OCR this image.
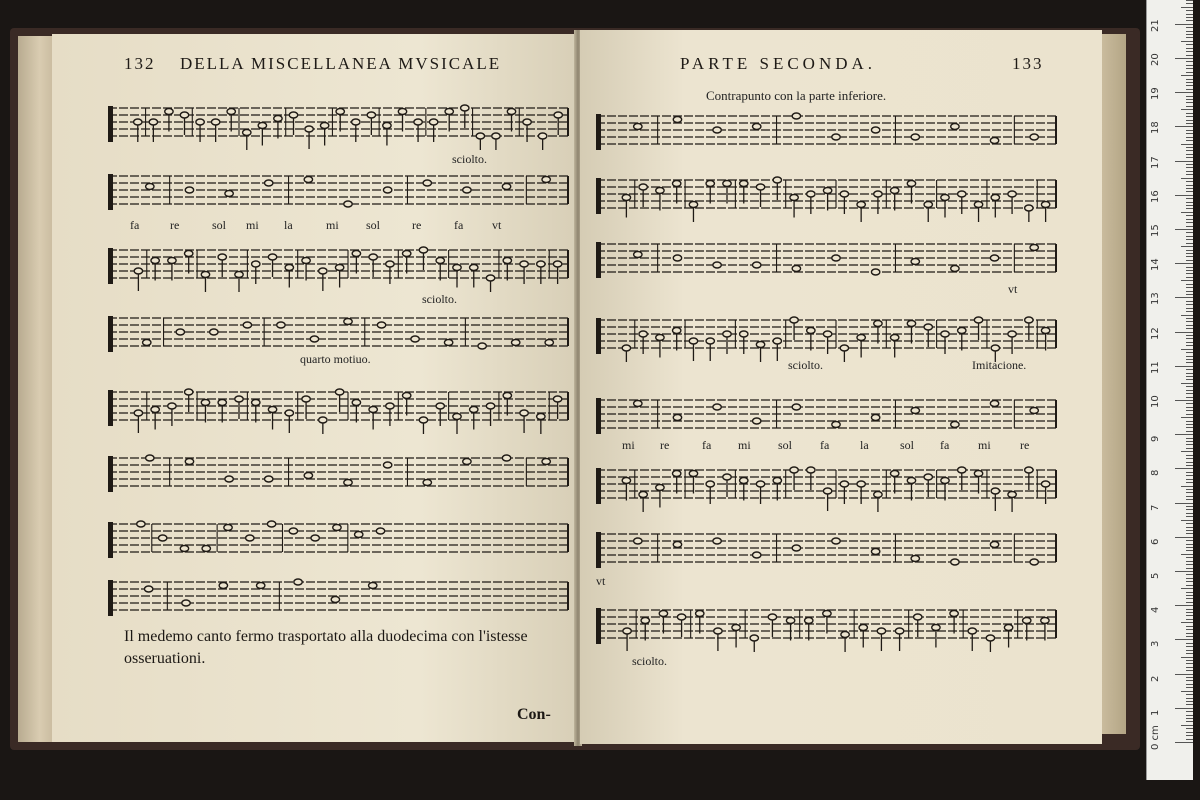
132 DELLA MISCELLANEA MVSICALE
sciolto.
fa	re	sol mi la	mi sol	re	fa vt
sciolto.
quarto motiuo.
Il medemo canto fermo trasportato alla duodecima con l'istesse
osseruationi.
Con-
PARTE SECONDA.	133
Contrapunto con la parte inferiore.
vt
sciolto.	Imitacione.
mi re	fa mi sol fa	la	sol fa mi re
vt
sciolto.
0 cm
1
2
3
4
5
6
7
8
9
10
11
12
13
14
15
16
17
18
19
20
21
